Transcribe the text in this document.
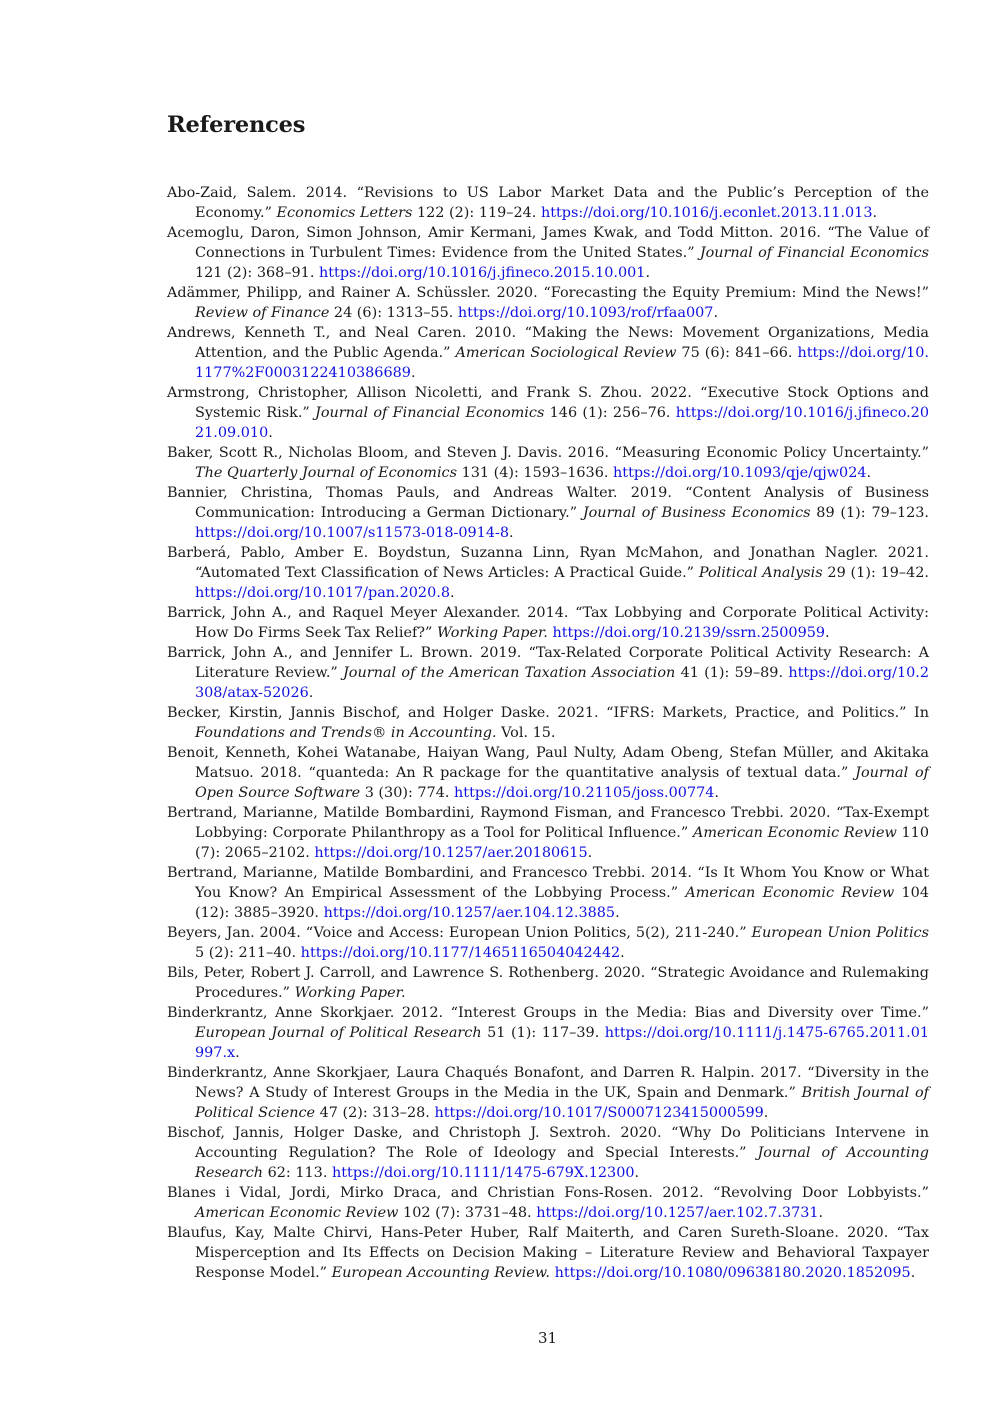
References

Abo-Zaid, Salem. 2014. “Revisions to US Labor Market Data and the Public’s Perception of the Economy.” Economics Letters 122 (2): 119–24. https://doi.org/10.1016/j.econlet.2013.11.013.

Acemoglu, Daron, Simon Johnson, Amir Kermani, James Kwak, and Todd Mitton. 2016. “The Value of Connections in Turbulent Times: Evidence from the United States.” Journal of Financial Economics 121 (2): 368–91. https://doi.org/10.1016/j.jfineco.2015.10.001.

Adämmer, Philipp, and Rainer A. Schüssler. 2020. “Forecasting the Equity Premium: Mind the News!” Review of Finance 24 (6): 1313–55. https://doi.org/10.1093/rof/rfaa007.

Andrews, Kenneth T., and Neal Caren. 2010. “Making the News: Movement Organizations, Media Attention, and the Public Agenda.” American Sociological Review 75 (6): 841–66. https://doi.org/10.1177%2F0003122410386689.

Armstrong, Christopher, Allison Nicoletti, and Frank S. Zhou. 2022. “Executive Stock Options and Systemic Risk.” Journal of Financial Economics 146 (1): 256–76. https://doi.org/10.1016/j.jfineco.2021.09.010.

Baker, Scott R., Nicholas Bloom, and Steven J. Davis. 2016. “Measuring Economic Policy Uncertainty.” The Quarterly Journal of Economics 131 (4): 1593–1636. https://doi.org/10.1093/qje/qjw024.

Bannier, Christina, Thomas Pauls, and Andreas Walter. 2019. “Content Analysis of Business Communication: Introducing a German Dictionary.” Journal of Business Economics 89 (1): 79–123. https://doi.org/10.1007/s11573-018-0914-8.

Barberá, Pablo, Amber E. Boydstun, Suzanna Linn, Ryan McMahon, and Jonathan Nagler. 2021. “Automated Text Classification of News Articles: A Practical Guide.” Political Analysis 29 (1): 19–42. https://doi.org/10.1017/pan.2020.8.

Barrick, John A., and Raquel Meyer Alexander. 2014. “Tax Lobbying and Corporate Political Activity: How Do Firms Seek Tax Relief?” Working Paper. https://doi.org/10.2139/ssrn.2500959.

Barrick, John A., and Jennifer L. Brown. 2019. “Tax-Related Corporate Political Activity Research: A Literature Review.” Journal of the American Taxation Association 41 (1): 59–89. https://doi.org/10.2308/atax-52026.

Becker, Kirstin, Jannis Bischof, and Holger Daske. 2021. “IFRS: Markets, Practice, and Politics.” In Foundations and Trends® in Accounting. Vol. 15.

Benoit, Kenneth, Kohei Watanabe, Haiyan Wang, Paul Nulty, Adam Obeng, Stefan Müller, and Akitaka Matsuo. 2018. “quanteda: An R package for the quantitative analysis of textual data.” Journal of Open Source Software 3 (30): 774. https://doi.org/10.21105/joss.00774.

Bertrand, Marianne, Matilde Bombardini, Raymond Fisman, and Francesco Trebbi. 2020. “Tax-Exempt Lobbying: Corporate Philanthropy as a Tool for Political Influence.” American Economic Review 110 (7): 2065–2102. https://doi.org/10.1257/aer.20180615.

Bertrand, Marianne, Matilde Bombardini, and Francesco Trebbi. 2014. “Is It Whom You Know or What You Know? An Empirical Assessment of the Lobbying Process.” American Economic Review 104 (12): 3885–3920. https://doi.org/10.1257/aer.104.12.3885.

Beyers, Jan. 2004. “Voice and Access: European Union Politics, 5(2), 211-240.” European Union Politics 5 (2): 211–40. https://doi.org/10.1177/1465116504042442.

Bils, Peter, Robert J. Carroll, and Lawrence S. Rothenberg. 2020. “Strategic Avoidance and Rulemaking Procedures.” Working Paper.

Binderkrantz, Anne Skorkjaer. 2012. “Interest Groups in the Media: Bias and Diversity over Time.” European Journal of Political Research 51 (1): 117–39. https://doi.org/10.1111/j.1475-6765.2011.01997.x.

Binderkrantz, Anne Skorkjaer, Laura Chaqués Bonafont, and Darren R. Halpin. 2017. “Diversity in the News? A Study of Interest Groups in the Media in the UK, Spain and Denmark.” British Journal of Political Science 47 (2): 313–28. https://doi.org/10.1017/S0007123415000599.

Bischof, Jannis, Holger Daske, and Christoph J. Sextroh. 2020. “Why Do Politicians Intervene in Accounting Regulation? The Role of Ideology and Special Interests.” Journal of Accounting Research 62: 113. https://doi.org/10.1111/1475-679X.12300.

Blanes i Vidal, Jordi, Mirko Draca, and Christian Fons-Rosen. 2012. “Revolving Door Lobbyists.” American Economic Review 102 (7): 3731–48. https://doi.org/10.1257/aer.102.7.3731.

Blaufus, Kay, Malte Chirvi, Hans-Peter Huber, Ralf Maiterth, and Caren Sureth-Sloane. 2020. “Tax Misperception and Its Effects on Decision Making – Literature Review and Behavioral Taxpayer Response Model.” European Accounting Review. https://doi.org/10.1080/09638180.2020.1852095.

31
